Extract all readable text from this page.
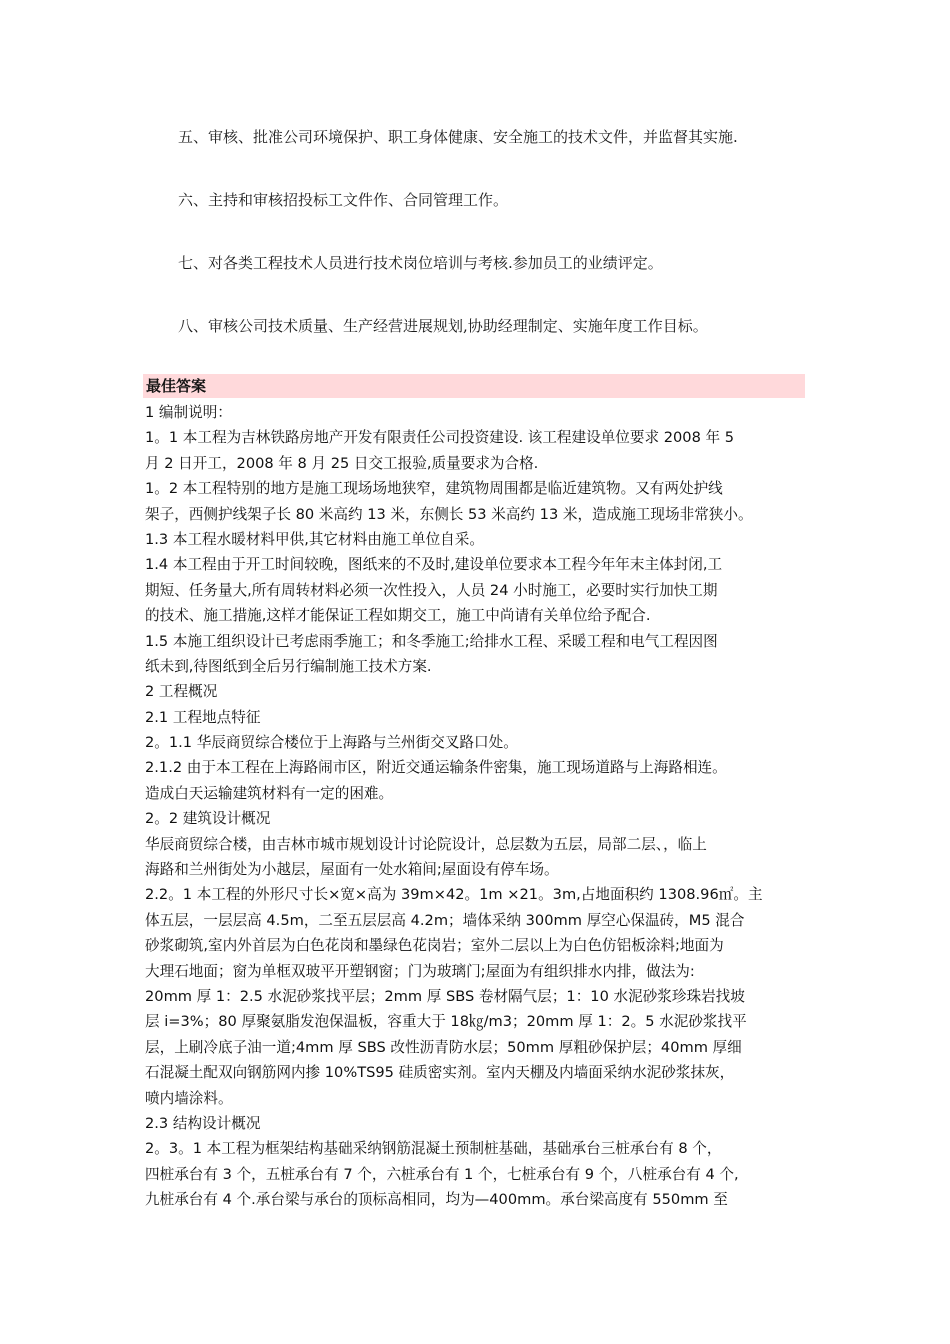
五、审核、批准公司环境保护、职工身体健康、安全施工的技术文件，并监督其实施.
六、主持和审核招投标工文件作、合同管理工作。
七、对各类工程技术人员进行技术岗位培训与考核.参加员工的业绩评定。
八、审核公司技术质量、生产经营进展规划,协助经理制定、实施年度工作目标。
最佳答案
1 编制说明：
1。1 本工程为吉林铁路房地产开发有限责任公司投资建设. 该工程建设单位要求 2008 年 5
月 2 日开工，2008 年 8 月 25 日交工报验,质量要求为合格.
1。2 本工程特别的地方是施工现场场地狭窄，建筑物周围都是临近建筑物。又有两处护线
架子，西侧护线架子长 80 米高约 13 米，东侧长 53 米高约 13 米，造成施工现场非常狭小。
1.3 本工程水暖材料甲供,其它材料由施工单位自采。
1.4 本工程由于开工时间较晚，图纸来的不及时,建设单位要求本工程今年年末主体封闭,工
期短、任务量大,所有周转材料必须一次性投入，人员 24 小时施工，必要时实行加快工期
的技术、施工措施,这样才能保证工程如期交工，施工中尚请有关单位给予配合.
1.5 本施工组织设计已考虑雨季施工；和冬季施工;给排水工程、采暖工程和电气工程因图
纸未到,待图纸到全后另行编制施工技术方案.
2 工程概况
2.1 工程地点特征
2。1.1 华辰商贸综合楼位于上海路与兰州街交叉路口处。
2.1.2 由于本工程在上海路闹市区，附近交通运输条件密集，施工现场道路与上海路相连。
造成白天运输建筑材料有一定的困难。
2。2 建筑设计概况
华辰商贸综合楼，由吉林市城市规划设计讨论院设计，总层数为五层，局部二层、，临上
海路和兰州街处为小越层，屋面有一处水箱间;屋面设有停车场。
2.2。1 本工程的外形尺寸长×宽×高为 39m×42。1m ×21。3m,占地面积约 1308.96㎡。主
体五层，一层层高 4.5m，二至五层层高 4.2m；墙体采纳 300mm 厚空心保温砖，M5 混合
砂浆砌筑,室内外首层为白色花岗和墨绿色花岗岩；室外二层以上为白色仿铝板涂料;地面为
大理石地面；窗为单框双玻平开塑钢窗；门为玻璃门;屋面为有组织排水内排，做法为:
20mm 厚 1：2.5 水泥砂浆找平层；2mm 厚 SBS 卷材隔气层；1：10 水泥砂浆珍珠岩找坡
层 i=3%；80 厚聚氨脂发泡保温板，容重大于 18㎏/m3；20mm 厚 1：2。5 水泥砂浆找平
层，上刷冷底子油一道;4mm 厚 SBS 改性沥青防水层；50mm 厚粗砂保护层；40mm 厚细
石混凝土配双向钢筋网内掺 10%TS95 硅质密实剂。室内天棚及内墙面采纳水泥砂浆抹灰，
喷内墙涂料。
2.3 结构设计概况
2。3。1 本工程为框架结构基础采纳钢筋混凝土预制桩基础，基础承台三桩承台有 8 个，
四桩承台有 3 个，五桩承台有 7 个，六桩承台有 1 个，七桩承台有 9 个，八桩承台有 4 个,
九桩承台有 4 个.承台梁与承台的顶标高相同，均为—400mm。承台梁高度有 550mm 至
